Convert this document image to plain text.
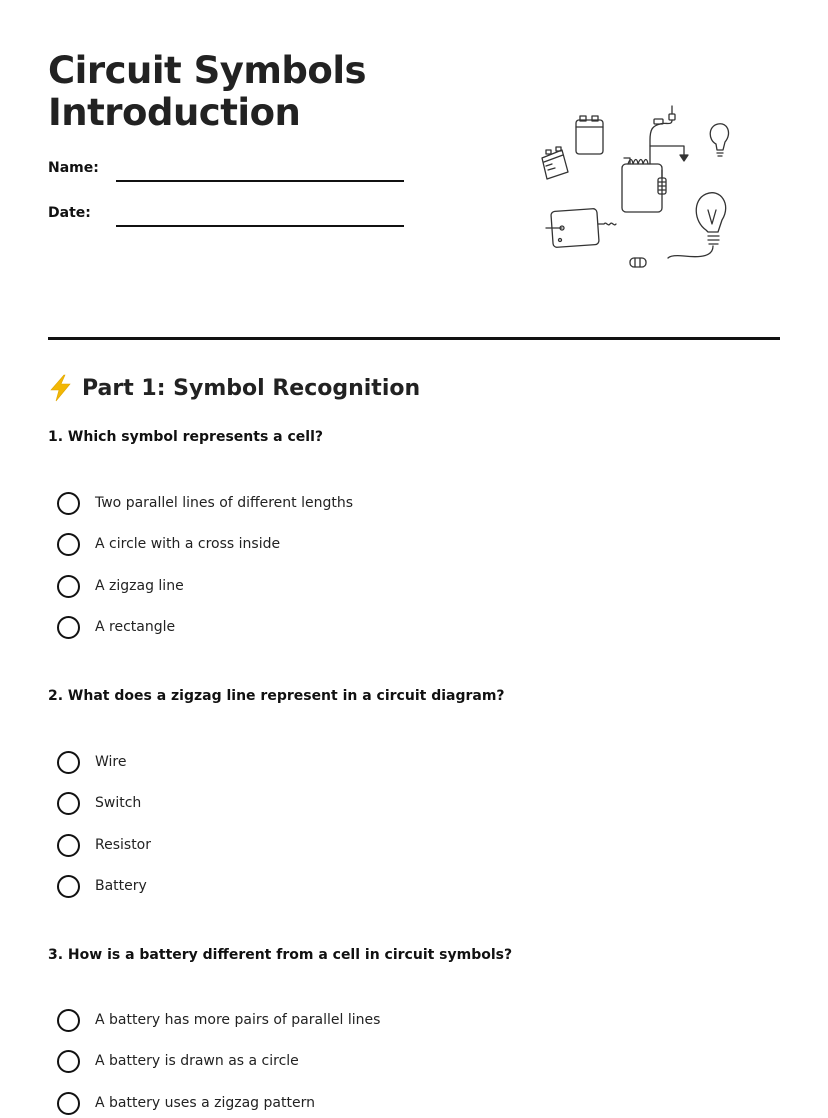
Circuit Symbols
Introduction
Name:
Date:
Part 1: Symbol Recognition

1. Which symbol represents a cell?

Two parallel lines of different lengths
A circle with a cross inside
A zigzag line
A rectangle

2. What does a zigzag line represent in a circuit diagram?

Wire
Switch
Resistor
Battery

3. How is a battery different from a cell in circuit symbols?

A battery has more pairs of parallel lines
A battery is drawn as a circle
A battery uses a zigzag pattern
